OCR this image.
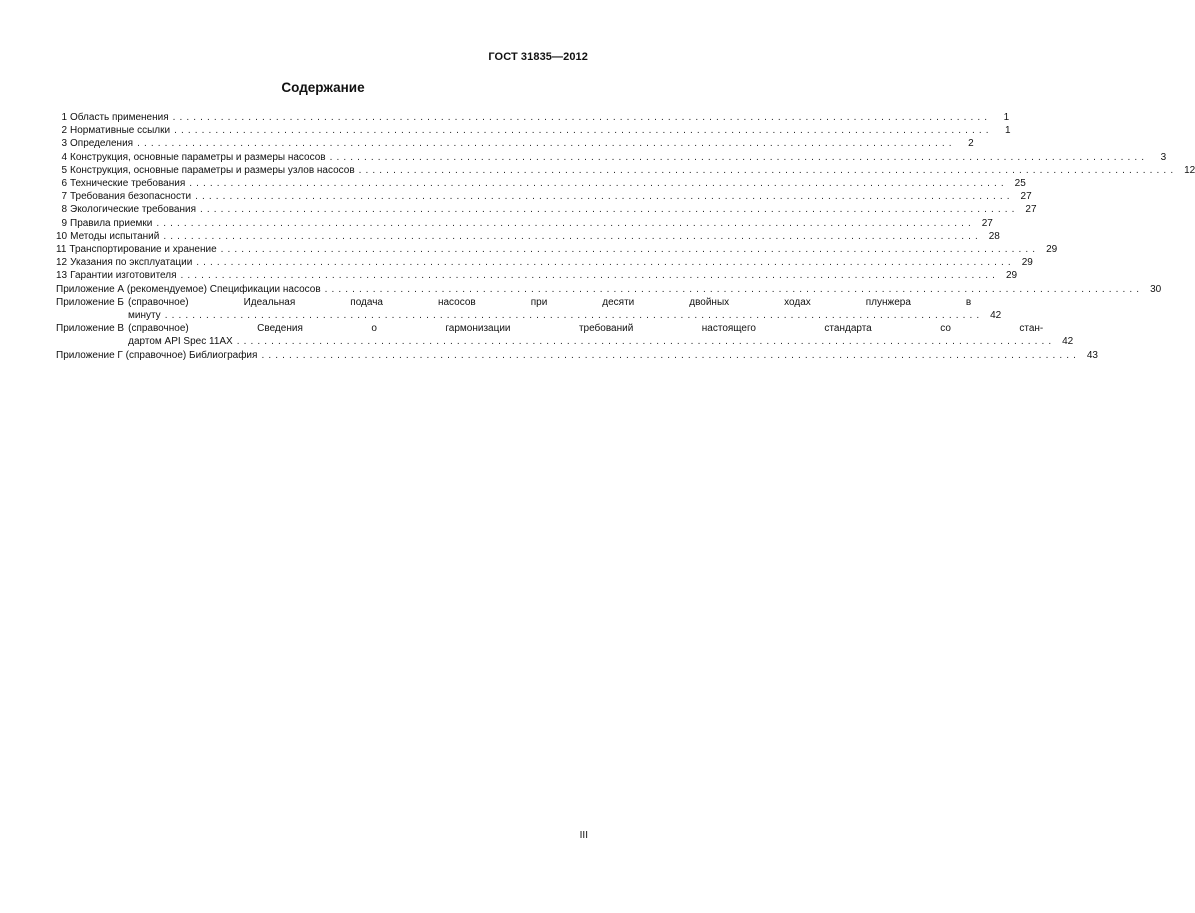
ГОСТ 31835—2012
Содержание
1 Область применения .......................................................................................................................	1
2 Нормативные ссылки .......................................................................................................................	1
3 Определения .......................................................................................................................	2
4 Конструкция, основные параметры и размеры насосов .......................................................................................................................	3
5 Конструкция, основные параметры и размеры узлов насосов ....................................................................................................................... 12
6 Технические требования ....................................................................................................................... 25
7 Требования безопасности ....................................................................................................................... 27
8 Экологические требования ....................................................................................................................... 27
9 Правила приемки ....................................................................................................................... 27
10 Методы испытаний ....................................................................................................................... 28
11 Транспортирование и хранение ....................................................................................................................... 29
12 Указания по эксплуатации ....................................................................................................................... 29
13 Гарантии изготовителя ....................................................................................................................... 29
Приложение А (рекомендуемое) Спецификации насосов ....................................................................................................................... 30
Приложение Б (справочное) Идеальная подача насосов при десяти двойных ходах плунжера в
минуту ....................................................................................................................... 42
Приложение В (справочное) Сведения о гармонизации требований настоящего стандарта со стан-
дартом API Spec 11AX ....................................................................................................................... 42
Приложение Г (справочное) Библиография ....................................................................................................................... 43
III
